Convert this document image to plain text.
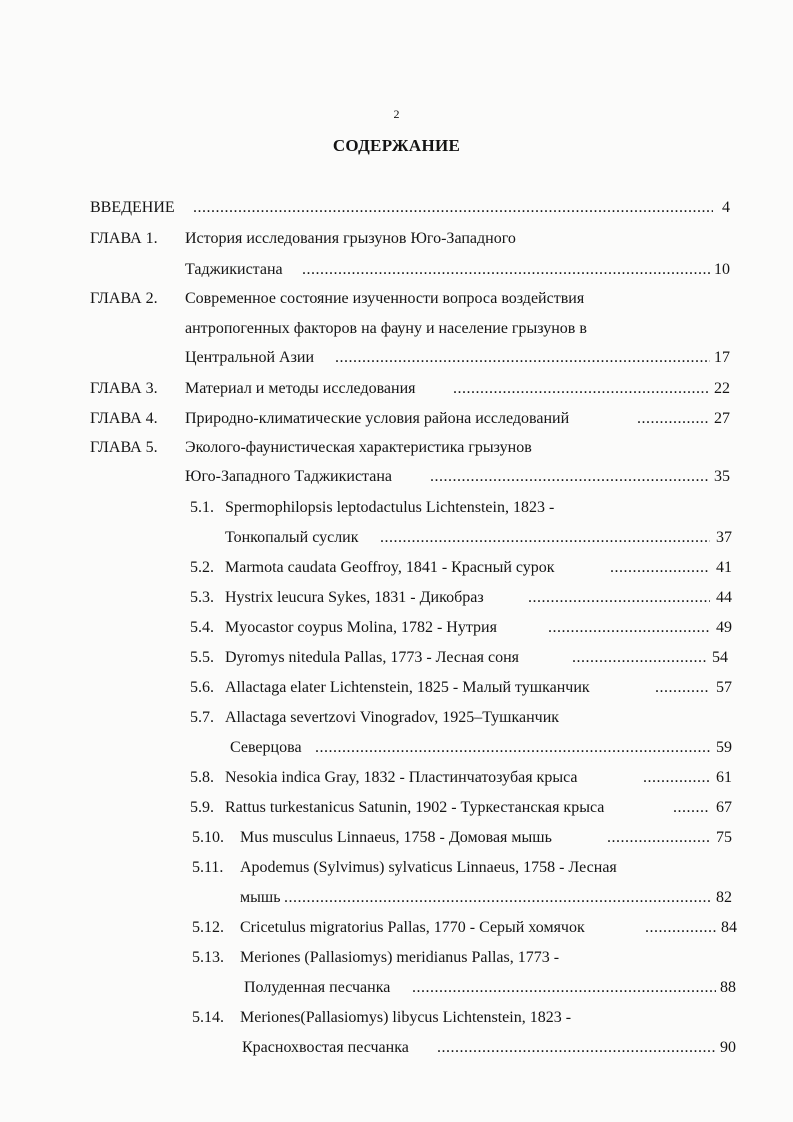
2
СОДЕРЖАНИЕ
ВВЕДЕНИЕ .....	4
ГЛАВА 1. История исследования грызунов Юго-Западного
Таджикистана .....	10
ГЛАВА 2. Современное состояние изученности вопроса воздействия
антропогенных факторов на фауну и население грызунов в
Центральной Азии .....	17
ГЛАВА 3. Материал и методы исследования .....	22
ГЛАВА 4. Природно-климатические условия района исследований .....	27
ГЛАВА 5. Эколого-фаунистическая характеристика грызунов
Юго-Западного Таджикистана .....	35
5.1. Spermophilopsis leptodactulus Lichtenstein, 1823 -
Тонкопалый суслик .....	37
5.2. Marmota caudata Geoffroy, 1841 - Красный сурок .....	41
5.3. Hystrix leucura Sykes, 1831 - Дикобраз .....	44
5.4. Myocastor coypus Molina, 1782 - Нутрия .....	49
5.5. Dyromys nitedula Pallas, 1773 - Лесная соня .....	54
5.6. Allactaga elater Lichtenstein, 1825 - Малый тушканчик .....	57
5.7. Allactaga severtzovi Vinogradov, 1925–Тушканчик
Северцова .....	59
5.8. Nesokia indica Gray, 1832 - Пластинчатозубая крыса .....	61
5.9. Rattus turkestanicus Satunin, 1902 - Туркестанская крыса .....	67
5.10. Mus musculus Linnaeus, 1758 - Домовая мышь .....	75
5.11. Apodemus (Sylvimus) sylvaticus Linnaeus, 1758 - Лесная
мышь .....	82
5.12. Cricetulus migratorius Pallas, 1770 - Серый хомячок .....	84
5.13. Meriones (Pallasiomys) meridianus Pallas, 1773 -
Полуденная песчанка .....	88
5.14. Meriones(Pallasiomys) libycus Lichtenstein, 1823 -
Краснохвостая песчанка .....	90
